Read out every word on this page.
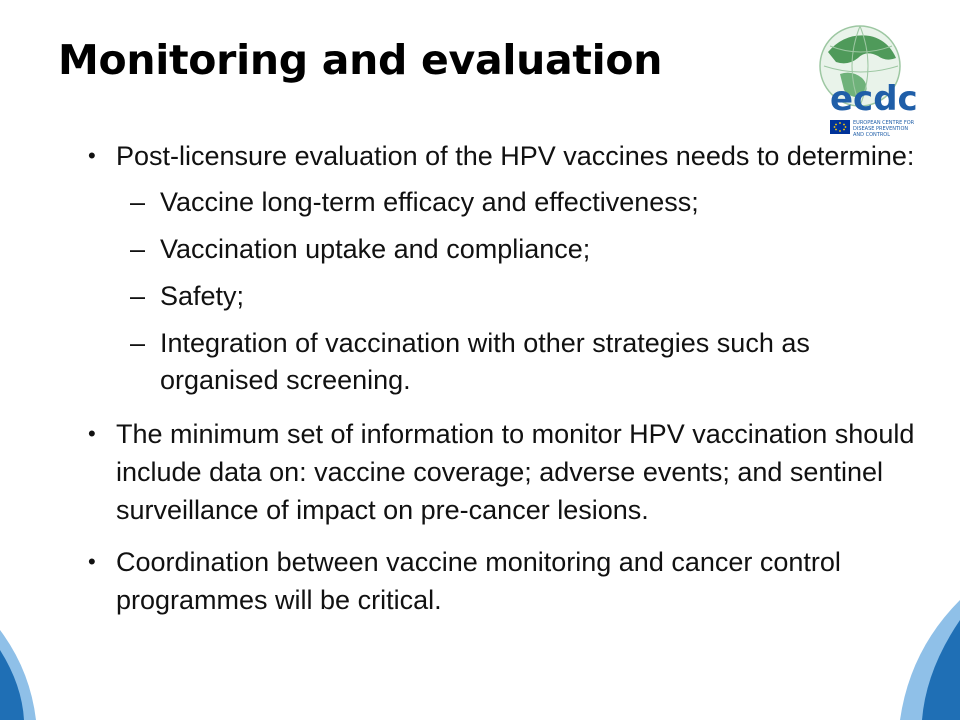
Monitoring and evaluation
ecdc
EUROPEAN CENTRE FOR
DISEASE PREVENTION
AND CONTROL
• Post-licensure evaluation of the HPV vaccines needs to determine:
– Vaccine long-term efficacy and effectiveness;
– Vaccination uptake and compliance;
– Safety;
– Integration of vaccination with other strategies such as organised screening.
• The minimum set of information to monitor HPV vaccination should include data on: vaccine coverage; adverse events; and sentinel surveillance of impact on pre-cancer lesions.
• Coordination between vaccine monitoring and cancer control programmes will be critical.
